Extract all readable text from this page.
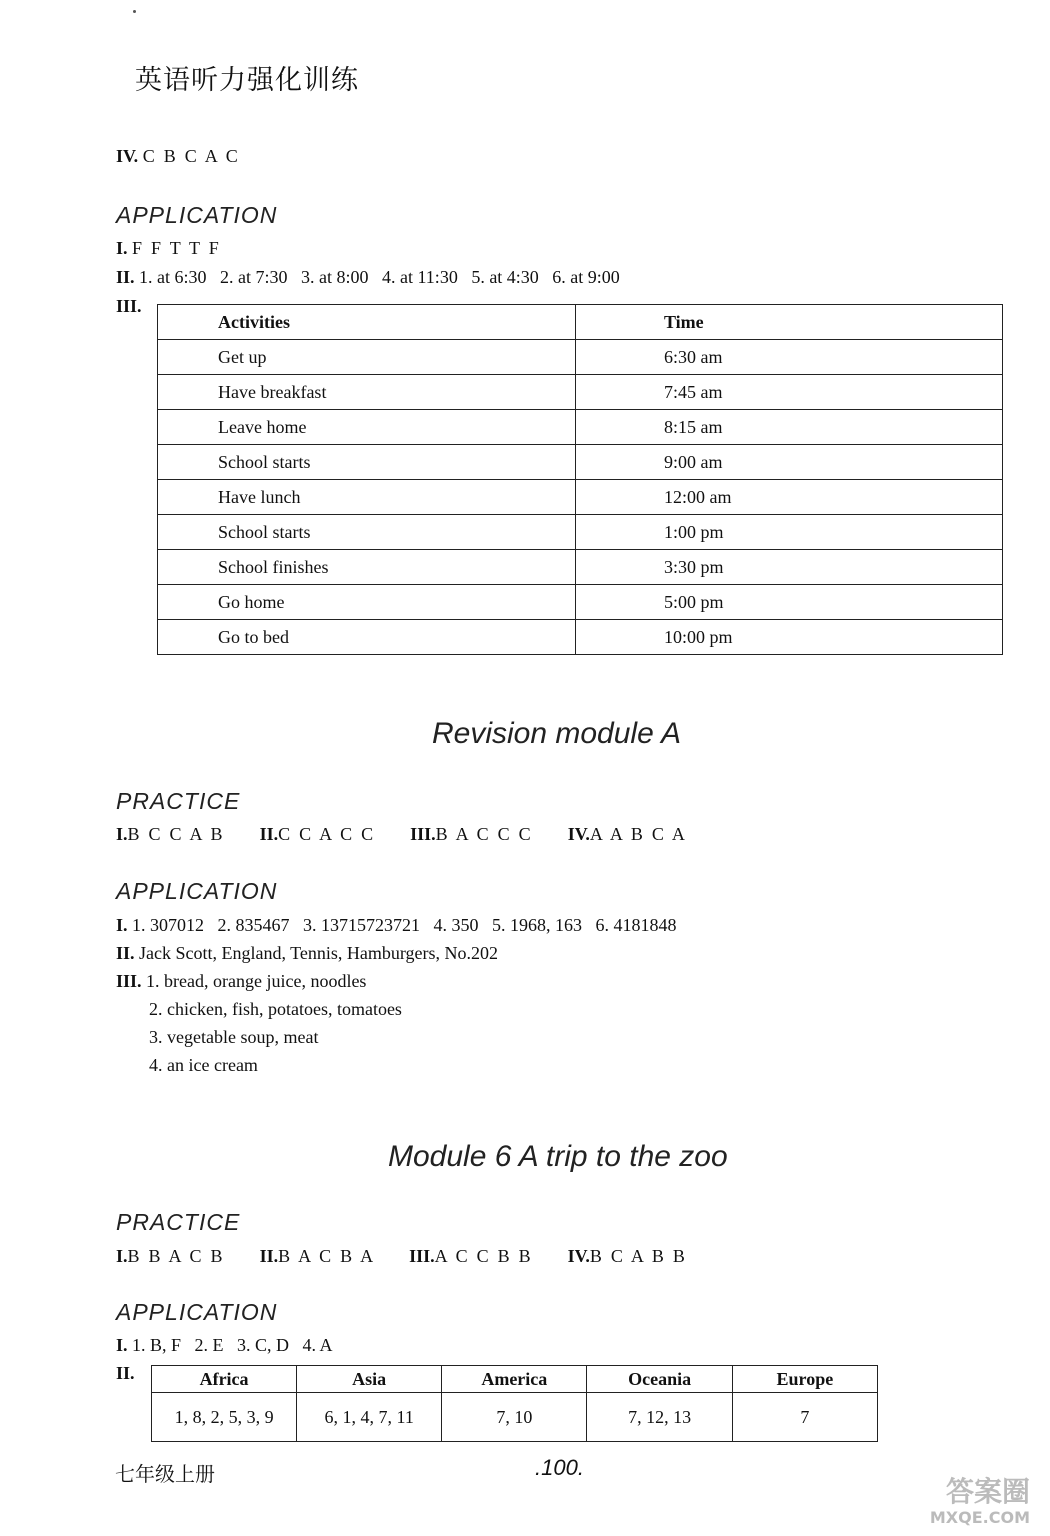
英语听力强化训练
IV. C  B  C  A  C
APPLICATION
I. F  F  T  T  F
II. 1. at 6:30   2. at 7:30   3. at 8:00   4. at 11:30   5. at 4:30   6. at 9:00
III.
Activities	Time
Get up	6:30 am
Have breakfast	7:45 am
Leave home	8:15 am
School starts	9:00 am
Have lunch	12:00 am
School starts	1:00 pm
School finishes	3:30 pm
Go home	5:00 pm
Go to bed	10:00 pm
Revision module A
PRACTICE
I.B  C  C  A  B II.C  C  A  C  C III.B  A  C  C  C IV.A  A  B  C  A
APPLICATION
I. 1. 307012   2. 835467   3. 13715723721   4. 350   5. 1968, 163   6. 4181848
II. Jack Scott, England, Tennis, Hamburgers, No.202
III. 1. bread, orange juice, noodles
2. chicken, fish, potatoes, tomatoes
3. vegetable soup, meat
4. an ice cream
Module 6 A trip to the zoo
PRACTICE
I.B  B  A  C  B II.B  A  C  B  A III.A  C  C  B  B IV.B  C  A  B  B
APPLICATION
I. 1. B, F   2. E   3. C, D   4. A
II.	Africa	Asia	America	Oceania	Europe
1, 8, 2, 5, 3, 9	6, 1, 4, 7, 11	7, 10	7, 12, 13	7
七年级上册	.100.
答案圈
MXQE.COM
